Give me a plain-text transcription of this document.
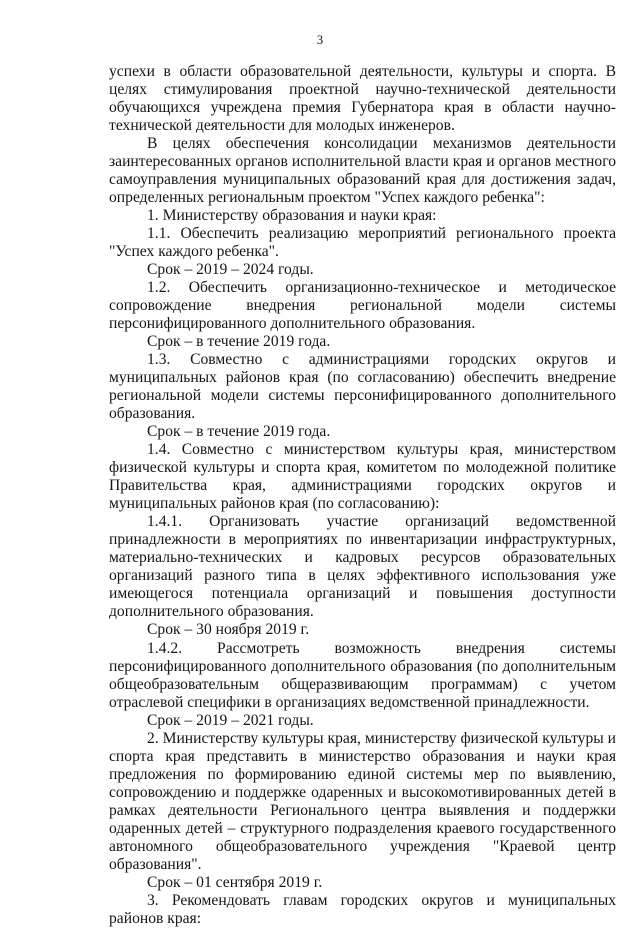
3

успехи в области образовательной деятельности, культуры и спорта. В целях стимулирования проектной научно-технической деятельности обучающихся учреждена премия Губернатора края в области научно-технической деятельности для молодых инженеров.

В целях обеспечения консолидации механизмов деятельности заинтересованных органов исполнительной власти края и органов местного самоуправления муниципальных образований края для достижения задач, определенных региональным проектом "Успех каждого ребенка":

1. Министерству образования и науки края:

1.1. Обеспечить реализацию мероприятий регионального проекта "Успех каждого ребенка".

Срок – 2019 – 2024 годы.

1.2. Обеспечить организационно-техническое и методическое сопровождение внедрения региональной модели системы персонифицированного дополнительного образования.

Срок – в течение 2019 года.

1.3. Совместно с администрациями городских округов и муниципальных районов края (по согласованию) обеспечить внедрение региональной модели системы персонифицированного дополнительного образования.

Срок – в течение 2019 года.

1.4. Совместно с министерством культуры края, министерством физической культуры и спорта края, комитетом по молодежной политике Правительства края, администрациями городских округов и муниципальных районов края (по согласованию):

1.4.1. Организовать участие организаций ведомственной принадлежности в мероприятиях по инвентаризации инфраструктурных, материально-технических и кадровых ресурсов образовательных организаций разного типа в целях эффективного использования уже имеющегося потенциала организаций и повышения доступности дополнительного образования.

Срок – 30 ноября 2019 г.

1.4.2. Рассмотреть возможность внедрения системы персонифицированного дополнительного образования (по дополнительным общеобразовательным общеразвивающим программам) с учетом отраслевой специфики в организациях ведомственной принадлежности.

Срок – 2019 – 2021 годы.

2. Министерству культуры края, министерству физической культуры и спорта края представить в министерство образования и науки края предложения по формированию единой системы мер по выявлению, сопровождению и поддержке одаренных и высокомотивированных детей в рамках деятельности Регионального центра выявления и поддержки одаренных детей – структурного подразделения краевого государственного автономного общеобразовательного учреждения "Краевой центр образования".

Срок – 01 сентября 2019 г.

3. Рекомендовать главам городских округов и муниципальных районов края:
